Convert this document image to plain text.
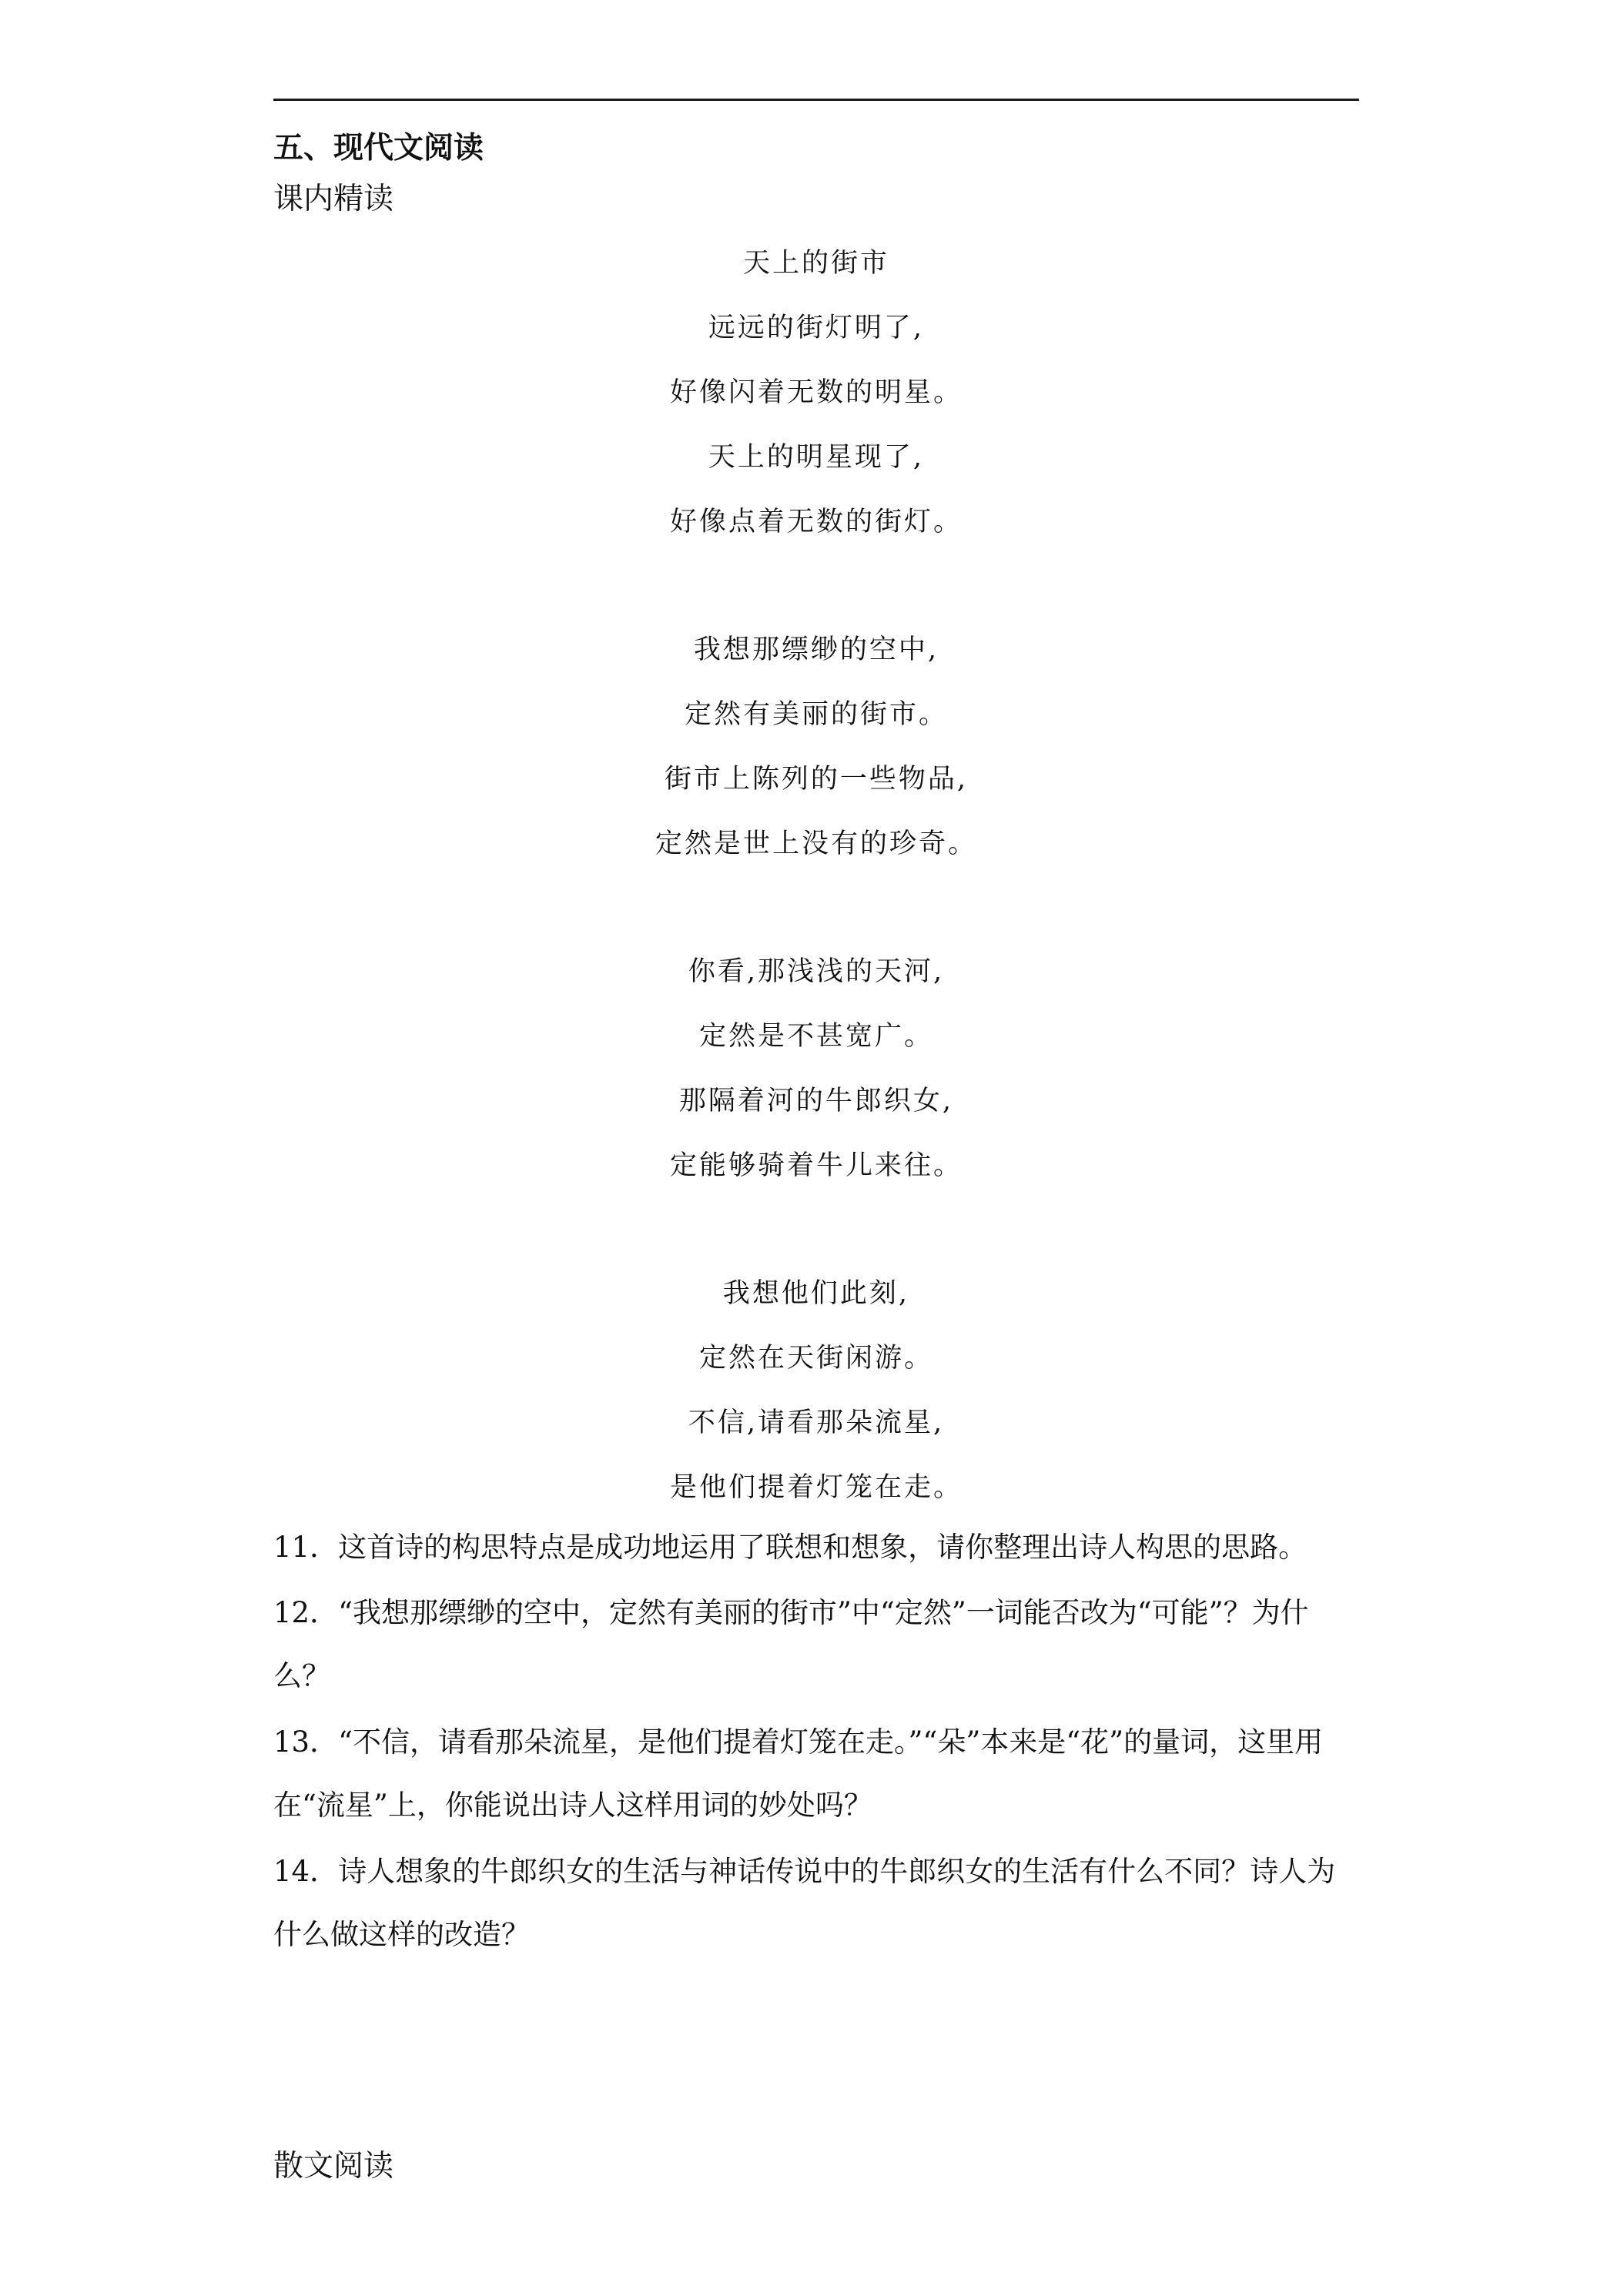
五、现代文阅读
课内精读
天上的街市
远远的街灯明了,
好像闪着无数的明星。
天上的明星现了,
好像点着无数的街灯。
我想那缥缈的空中,
定然有美丽的街市。
街市上陈列的一些物品,
定然是世上没有的珍奇。
你看,那浅浅的天河,
定然是不甚宽广。
那隔着河的牛郎织女,
定能够骑着牛儿来往。
我想他们此刻,
定然在天街闲游。
不信,请看那朵流星,
是他们提着灯笼在走。
11．这首诗的构思特点是成功地运用了联想和想象，请你整理出诗人构思的思路。
12．“我想那缥缈的空中，定然有美丽的街市”中“定然”一词能否改为“可能”？为什么？
13．“不信，请看那朵流星，是他们提着灯笼在走。”“朵”本来是“花”的量词，这里用在“流星”上，你能说出诗人这样用词的妙处吗？
14．诗人想象的牛郎织女的生活与神话传说中的牛郎织女的生活有什么不同？诗人为什么做这样的改造？
散文阅读
